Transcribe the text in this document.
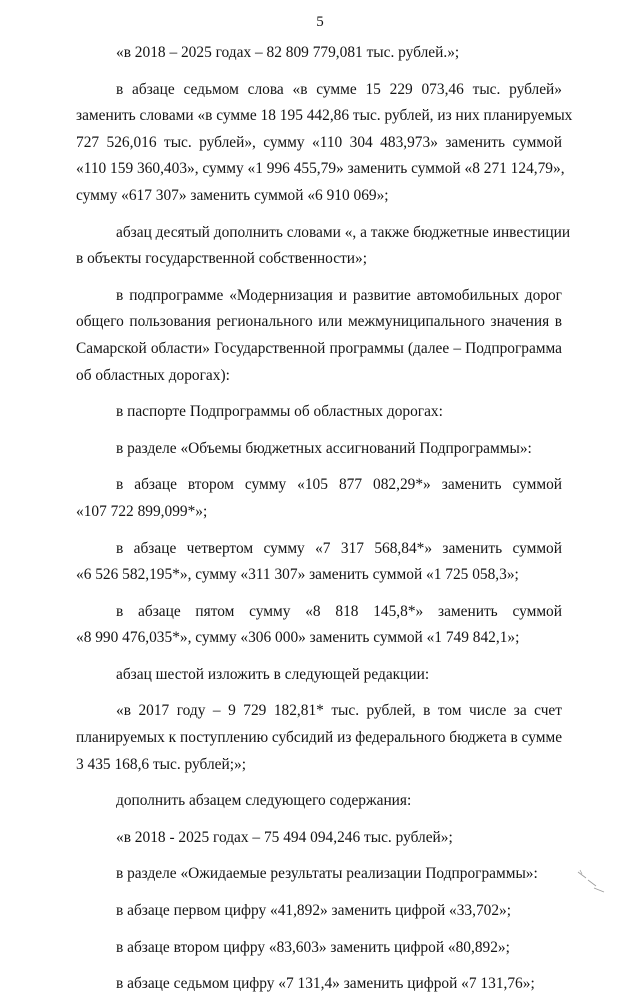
5
«в 2018 – 2025 годах – 82 809 779,081 тыс. рублей.»;
в абзаце седьмом слова «в сумме 15 229 073,46 тыс. рублей»
заменить словами «в сумме 18 195 442,86 тыс. рублей, из них планируемых
727 526,016 тыс. рублей», сумму «110 304 483,973» заменить суммой
«110 159 360,403», сумму «1 996 455,79» заменить суммой «8 271 124,79»,
сумму «617 307» заменить суммой «6 910 069»;
абзац десятый дополнить словами «, а также бюджетные инвестиции
в объекты государственной собственности»;
в подпрограмме «Модернизация и развитие автомобильных дорог
общего пользования регионального или межмуниципального значения в
Самарской области» Государственной программы (далее – Подпрограмма
об областных дорогах):
в паспорте Подпрограммы об областных дорогах:
в разделе «Объемы бюджетных ассигнований Подпрограммы»:
в абзаце втором сумму «105 877 082,29*» заменить суммой
«107 722 899,099*»;
в абзаце четвертом сумму «7 317 568,84*» заменить суммой
«6 526 582,195*», сумму «311 307» заменить суммой «1 725 058,3»;
в абзаце пятом сумму «8 818 145,8*» заменить суммой
«8 990 476,035*», сумму «306 000» заменить суммой «1 749 842,1»;
абзац шестой изложить в следующей редакции:
«в 2017 году – 9 729 182,81* тыс. рублей, в том числе за счет
планируемых к поступлению субсидий из федерального бюджета в сумме
3 435 168,6 тыс. рублей;»;
дополнить абзацем следующего содержания:
«в 2018 - 2025 годах – 75 494 094,246 тыс. рублей»;
в разделе «Ожидаемые результаты реализации Подпрограммы»:
в абзаце первом цифру «41,892» заменить цифрой «33,702»;
в абзаце втором цифру «83,603» заменить цифрой «80,892»;
в абзаце седьмом цифру «7 131,4» заменить цифрой «7 131,76»;
